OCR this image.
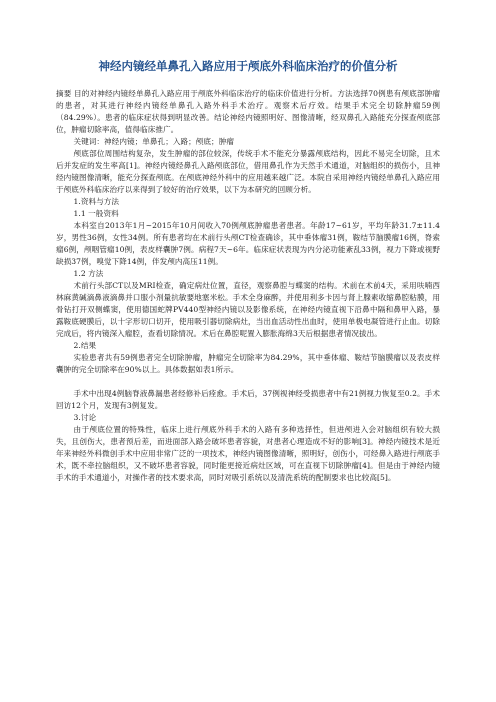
神经内镜经单鼻孔入路应用于颅底外科临床治疗的价值分析

摘要 目的对神经内镜经单鼻孔入路应用于颅底外科临床治疗的临床价值进行分析。方法选择70例患有颅底部肿瘤的患者，对其进行神经内镜经单鼻孔入路外科手术治疗。观察术后疗效。结果手术完全切除肿瘤59例（84.29%）。患者的临床症状得到明显改善。结论神经内镜照明好、图像清晰，经双鼻孔入路能充分探查颅底部位，肿瘤切除率高，值得临床推广。

关键词：神经内镜；单鼻孔；入路；颅底；肿瘤

颅底部位周围结构复杂，发生肿瘤的部位较深，传统手术不能充分暴露颅底结构，因此不易完全切除，且术后并发症的发生率高[1]。神经内镜经鼻孔入路颅底部位，借用鼻孔作为天然手术通道，对脑组织的损伤小，且神经内镜图像清晰，能充分探查颅底。在颅底神经外科中的应用越来越广泛。本院自采用神经内镜经单鼻孔入路应用于颅底外科临床治疗以来得到了较好的治疗效果，以下为本研究的回顾分析。

1.资料与方法

1.1 一般资料

本科室自2013年1月~2015年10月间收入70例颅底肿瘤患者患者。年龄17~61岁，平均年龄31.7±11.4岁，男性36例，女性34例。所有患者均在术前行头颅CT检查确诊，其中垂体瘤31例，鞍结节脑膜瘤16例，脊索瘤6例，颅咽管瘤10例，表皮样囊肿7例。病程7天~6年。临床症状表现为内分泌功能紊乱33例，视力下降或视野缺损37例，嗅觉下降14例，伴发颅内高压11例。

1.2 方法

术前行头部CT以及MRI检查，确定病灶位置，直径，观察鼻腔与蝶窦的结构。术前在术前4天，采用呋喃西林麻黄碱滴鼻液滴鼻并口服小剂量抗敏要地塞米松。手术全身麻醉，并使用利多卡因与肾上腺素收缩鼻腔粘膜，用骨钻打开双侧蝶窦，使用德国蛇牌PV440型神经内镜以及影像系统，在神经内镜直视下沿鼻中隔和鼻甲入路，暴露鞍底硬膜后，以十字形切口切开，使用吸引器切除病灶，当出血活动性出血时，使用单极电凝管进行止血。切除完成后，将内镜深入瘤腔，查看切除情况。术后在鼻腔呢置入膨胀海绵3天后根据患者情况拔出。

2.结果

实验患者共有59例患者完全切除肿瘤，肿瘤完全切除率为84.29%，其中垂体瘤、鞍结节脑膜瘤以及表皮样囊肿的完全切除率在90%以上。具体数据如表1所示。

手术中出现4例脑脊液鼻漏患者经修补后痊愈。手术后，37例视神经受损患者中有21例视力恢复至0.2。手术回访12个月，发现有3例复发。

3.讨论

由于颅底位置的特殊性，临床上进行颅底外科手术的入路有多种选择性，但进颅进入会对脑组织有较大损失，且创伤大，患者预后差，而进面部入路会破坏患者容貌，对患者心理造成不好的影响[3]。神经内镜技术是近年来神经外科微创手术中应用非常广泛的一项技术，神经内镜图像清晰，照明好，创伤小，可经鼻入路进行颅底手术，既不牵拉脑组织，又不破坏患者容貌，同时能更接近病灶区域，可在直视下切除肿瘤[4]。但是由于神经内镜手术的手术通道小，对操作者的技术要求高，同时对吸引系统以及清洗系统的配制要求也比较高[5]。
